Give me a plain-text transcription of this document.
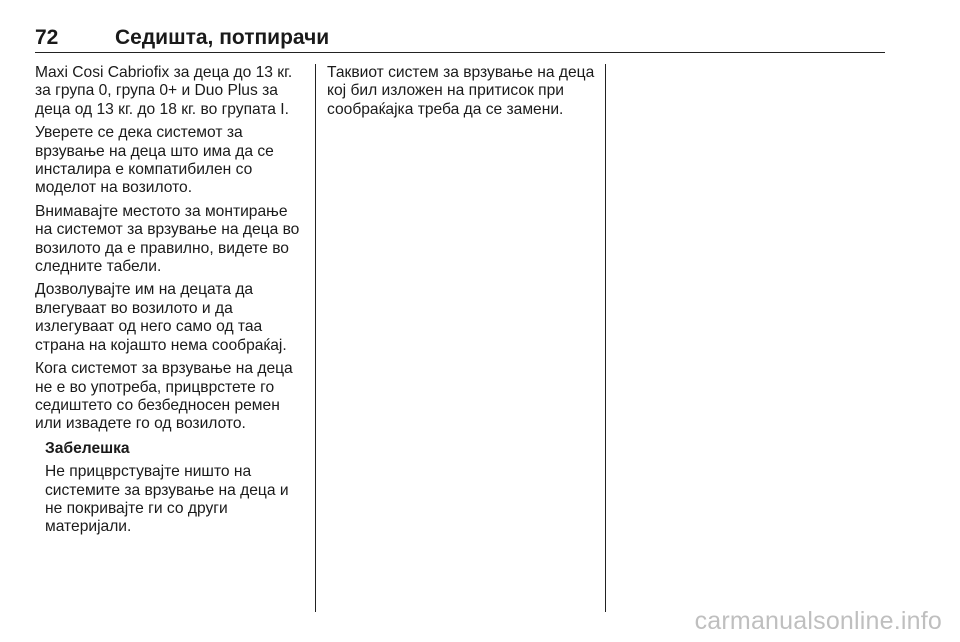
72	Седишта, потпирачи

Maxi Cosi Cabriofix за деца до 13 кг. за група 0, група 0+ и Duo Plus за деца од 13 кг. до 18 кг. во групата I.

Уверете се дека системот за врзување на деца што има да се инсталира е компатибилен со моделот на возилото.

Внимавајте местото за монтирање на системот за врзување на деца во возилото да е правилно, видете во следните табели.

Дозволувајте им на децата да влегуваат во возилото и да излегуваат од него само од таа страна на којашто нема сообраќај.

Кога системот за врзување на деца не е во употреба, прицврстете го седиштето со безбедносен ремен или извадете го од возилото.

Забелешка

Не прицврстувајте ништо на системите за врзување на деца и не покривајте ги со други материјали.

Таквиот систем за врзување на деца кој бил изложен на притисок при сообраќајка треба да се замени.

carmanualsonline.info
